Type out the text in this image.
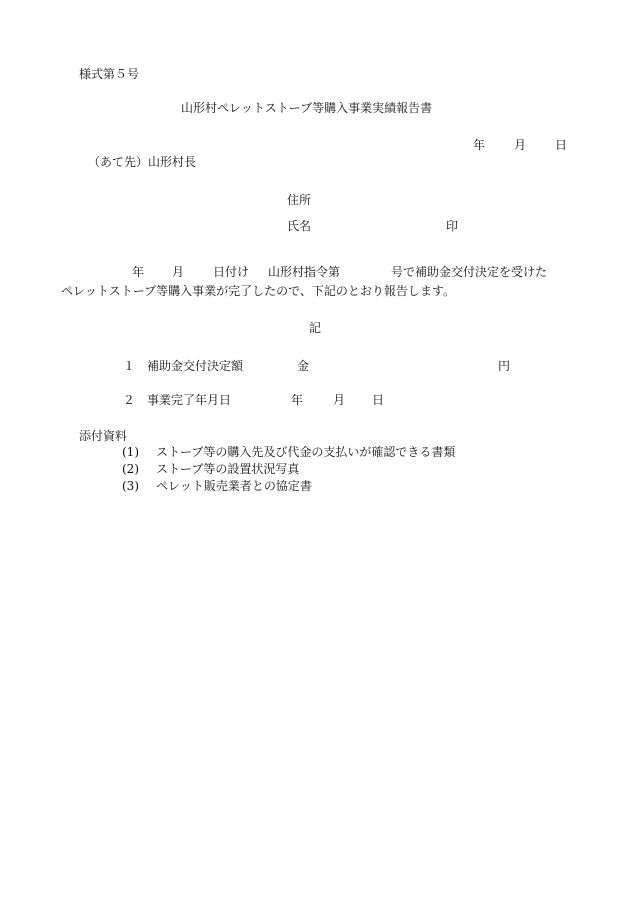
様式第５号
山形村ペレットストーブ等購入事業実績報告書
年 月 日
（あて先）山形村長
住所
氏名	印
年 月 日付け 山形村指令第	号で補助金交付決定を受けた
ペレットストーブ等購入事業が完了したので、下記のとおり報告します。
記
１ 補助金交付決定額	金	円
２ 事業完了年月日	年 月 日
添付資料
(1) ストーブ等の購入先及び代金の支払いが確認できる書類
(2) ストーブ等の設置状況写真
(3) ペレット販売業者との協定書
